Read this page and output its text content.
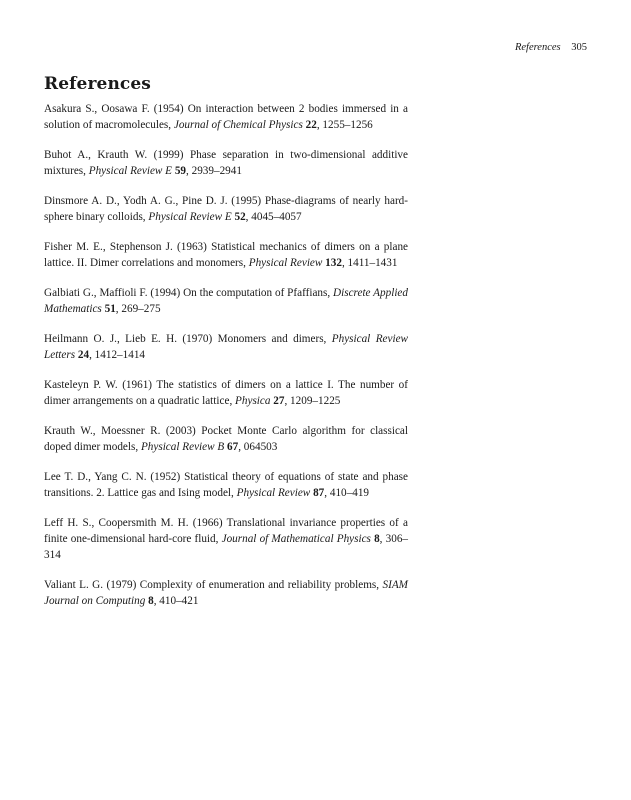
References 305
References
Asakura S., Oosawa F. (1954) On interaction between 2 bodies immersed in a solution of macromolecules, Journal of Chemical Physics 22, 1255–1256
Buhot A., Krauth W. (1999) Phase separation in two-dimensional additive mixtures, Physical Review E 59, 2939–2941
Dinsmore A. D., Yodh A. G., Pine D. J. (1995) Phase-diagrams of nearly hard-sphere binary colloids, Physical Review E 52, 4045–4057
Fisher M. E., Stephenson J. (1963) Statistical mechanics of dimers on a plane lattice. II. Dimer correlations and monomers, Physical Review 132, 1411–1431
Galbiati G., Maffioli F. (1994) On the computation of Pfaffians, Discrete Applied Mathematics 51, 269–275
Heilmann O. J., Lieb E. H. (1970) Monomers and dimers, Physical Review Letters 24, 1412–1414
Kasteleyn P. W. (1961) The statistics of dimers on a lattice I. The number of dimer arrangements on a quadratic lattice, Physica 27, 1209–1225
Krauth W., Moessner R. (2003) Pocket Monte Carlo algorithm for classical doped dimer models, Physical Review B 67, 064503
Lee T. D., Yang C. N. (1952) Statistical theory of equations of state and phase transitions. 2. Lattice gas and Ising model, Physical Review 87, 410–419
Leff H. S., Coopersmith M. H. (1966) Translational invariance properties of a finite one-dimensional hard-core fluid, Journal of Mathematical Physics 8, 306–314
Valiant L. G. (1979) Complexity of enumeration and reliability problems, SIAM Journal on Computing 8, 410–421
